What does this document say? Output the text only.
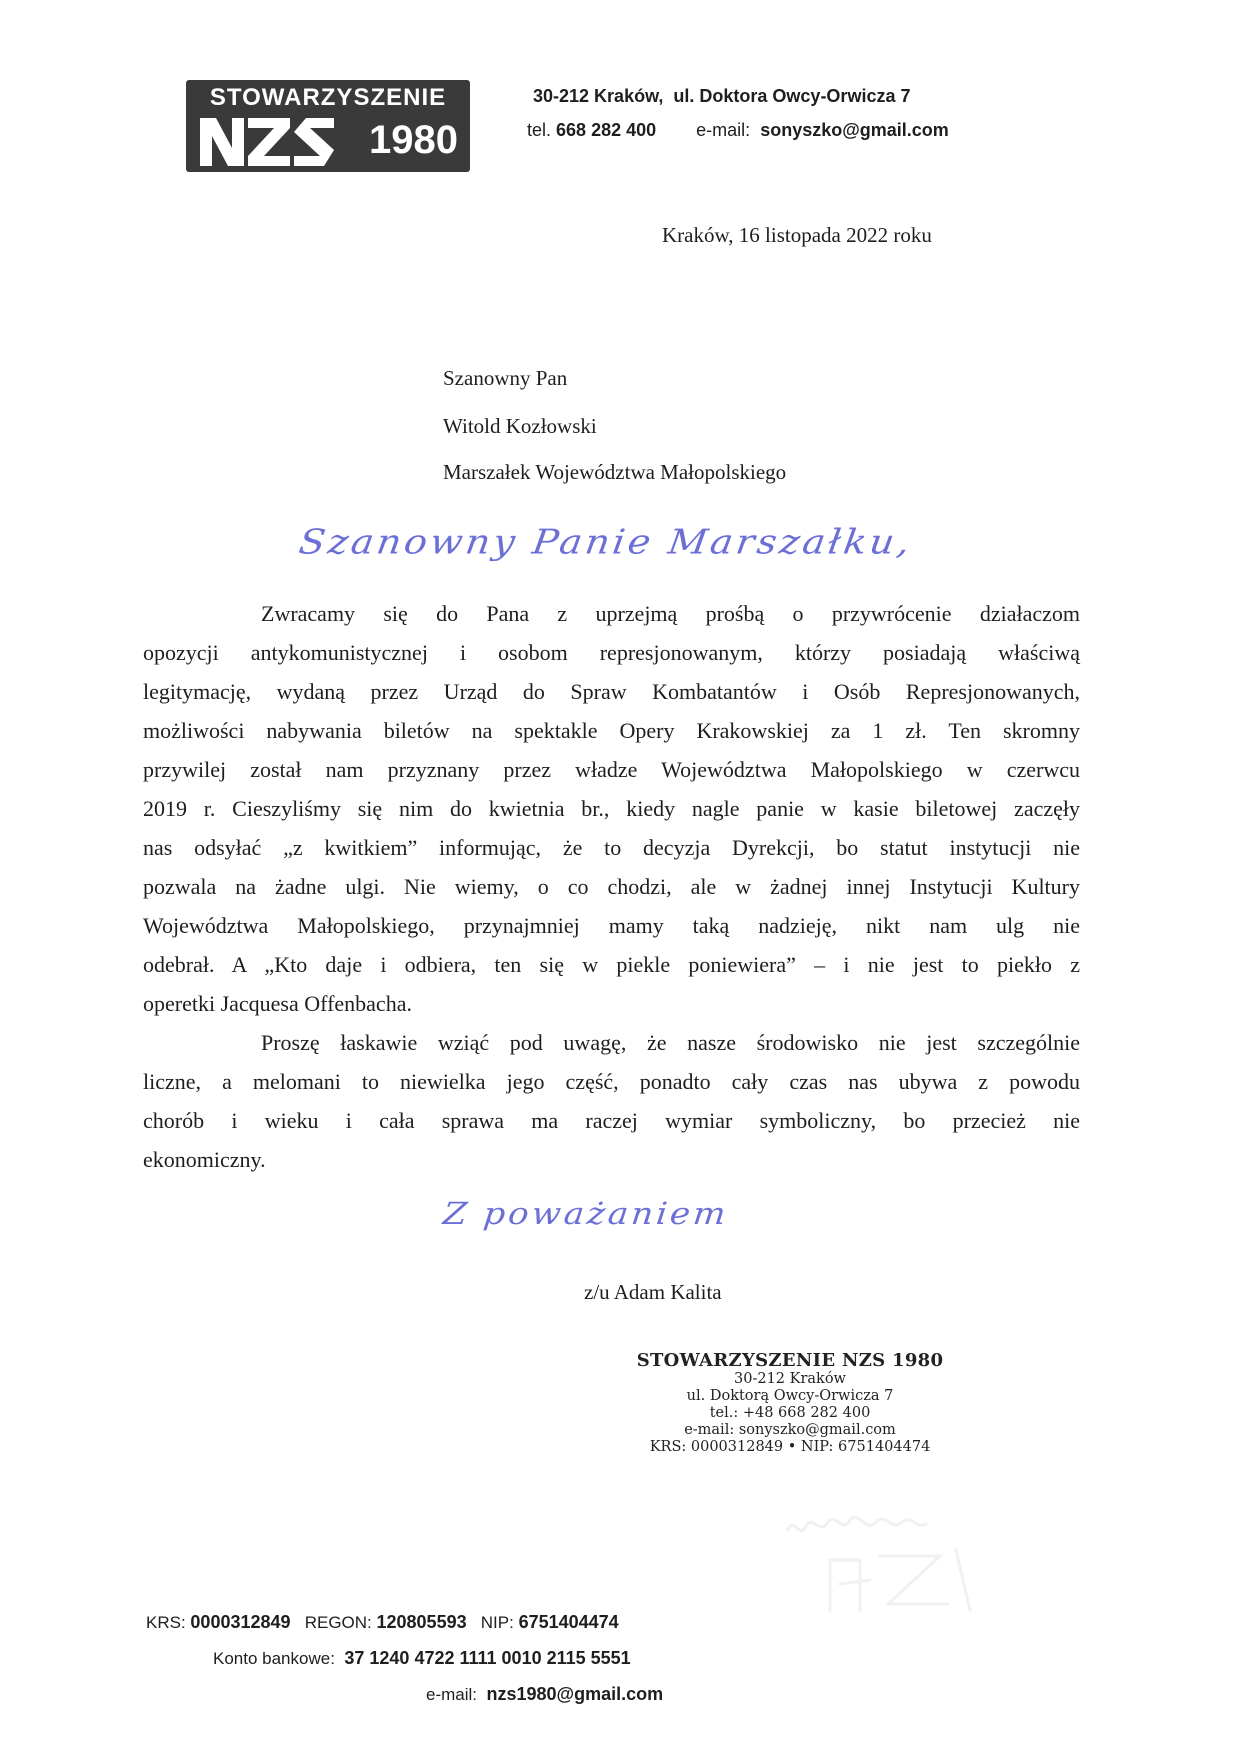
STOWARZYSZENIE
1980
30-212 Kraków,  ul. Doktora Owcy-Orwicza 7
tel. 668 282 400 e-mail: sonyszko@gmail.com
Kraków, 16 listopada 2022 roku
Szanowny Pan
Witold Kozłowski
Marszałek Województwa Małopolskiego
Szanowny Panie Marszałku,
Zwracamy się do Pana z uprzejmą prośbą o przywrócenie działaczom
opozycji antykomunistycznej i osobom represjonowanym, którzy posiadają właściwą
legitymację, wydaną przez Urząd do Spraw Kombatantów i Osób Represjonowanych,
możliwości nabywania biletów na spektakle Opery Krakowskiej za 1 zł. Ten skromny
przywilej został nam przyznany przez władze Województwa Małopolskiego w czerwcu
2019 r. Cieszyliśmy się nim do kwietnia br., kiedy nagle panie w kasie biletowej zaczęły
nas odsyłać „z kwitkiem” informując, że to decyzja Dyrekcji, bo statut instytucji nie
pozwala na żadne ulgi. Nie wiemy, o co chodzi, ale w żadnej innej Instytucji Kultury
Województwa Małopolskiego, przynajmniej mamy taką nadzieję, nikt nam ulg nie
odebrał. A „Kto daje i odbiera, ten się w piekle poniewiera” – i nie jest to piekło z
operetki Jacquesa Offenbacha.
Proszę łaskawie wziąć pod uwagę, że nasze środowisko nie jest szczególnie
liczne, a melomani to niewielka jego część, ponadto cały czas nas ubywa z powodu
chorób i wieku i cała sprawa ma raczej wymiar symboliczny, bo przecież nie
ekonomiczny.
Z poważaniem
z/u Adam Kalita
STOWARZYSZENIE NZS 1980
30-212 Kraków
ul. Doktorą Owcy-Orwicza 7
tel.: +48 668 282 400
e-mail: sonyszko@gmail.com
KRS: 0000312849 • NIP: 6751404474
KRS: 0000312849 REGON: 120805593 NIP: 6751404474
Konto bankowe: 37 1240 4722 1111 0010 2115 5551
e-mail: nzs1980@gmail.com
